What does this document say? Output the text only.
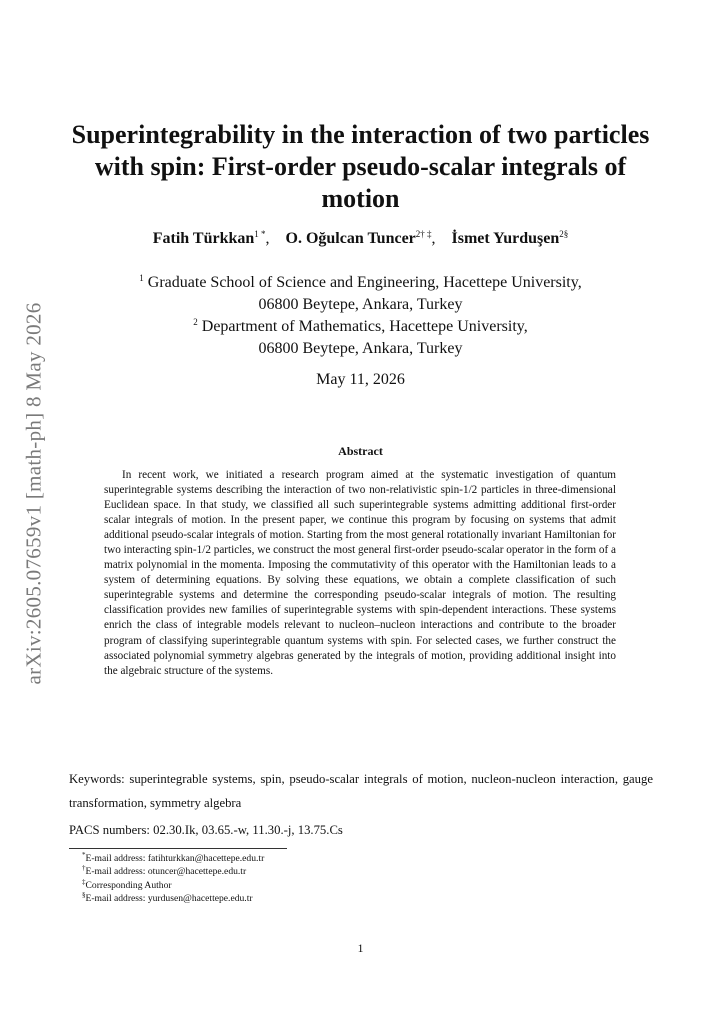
arXiv:2605.07659v1 [math-ph] 8 May 2026
Superintegrability in the interaction of two particles with spin: First-order pseudo-scalar integrals of motion
Fatih Türkkan$^{1 *}$, O. Oğulcan Tuncer$^{2\dagger \ddagger}$, İsmet Yurduşen$^{2\S}$
$^1$ Graduate School of Science and Engineering, Hacettepe University,
06800 Beytepe, Ankara, Turkey
$^2$ Department of Mathematics, Hacettepe University,
06800 Beytepe, Ankara, Turkey
May 11, 2026
Abstract

In recent work, we initiated a research program aimed at the systematic investigation of quantum superintegrable systems describing the interaction of two non-relativistic spin-1/2 particles in three-dimensional Euclidean space. In that study, we classified all such superintegrable systems admitting additional first-order scalar integrals of motion. In the present paper, we continue this program by focusing on systems that admit additional pseudo-scalar integrals of motion. Starting from the most general rotationally invariant Hamiltonian for two interacting spin-1/2 particles, we construct the most general first-order pseudo-scalar operator in the form of a matrix polynomial in the momenta. Imposing the commutativity of this operator with the Hamiltonian leads to a system of determining equations. By solving these equations, we obtain a complete classification of such superintegrable systems and determine the corresponding pseudo-scalar integrals of motion. The resulting classification provides new families of superintegrable systems with spin-dependent interactions. These systems enrich the class of integrable models relevant to nucleon–nucleon interactions and contribute to the broader program of classifying superintegrable quantum systems with spin. For selected cases, we further construct the associated polynomial symmetry algebras generated by the integrals of motion, providing additional insight into the algebraic structure of the systems.

Keywords: superintegrable systems, spin, pseudo-scalar integrals of motion, nucleon-nucleon interaction, gauge transformation, symmetry algebra

PACS numbers: 02.30.Ik, 03.65.-w, 11.30.-j, 13.75.Cs
*E-mail address: fatihturkkan@hacettepe.edu.tr
†E-mail address: otuncer@hacettepe.edu.tr
‡Corresponding Author
§E-mail address: yurdusen@hacettepe.edu.tr
1
